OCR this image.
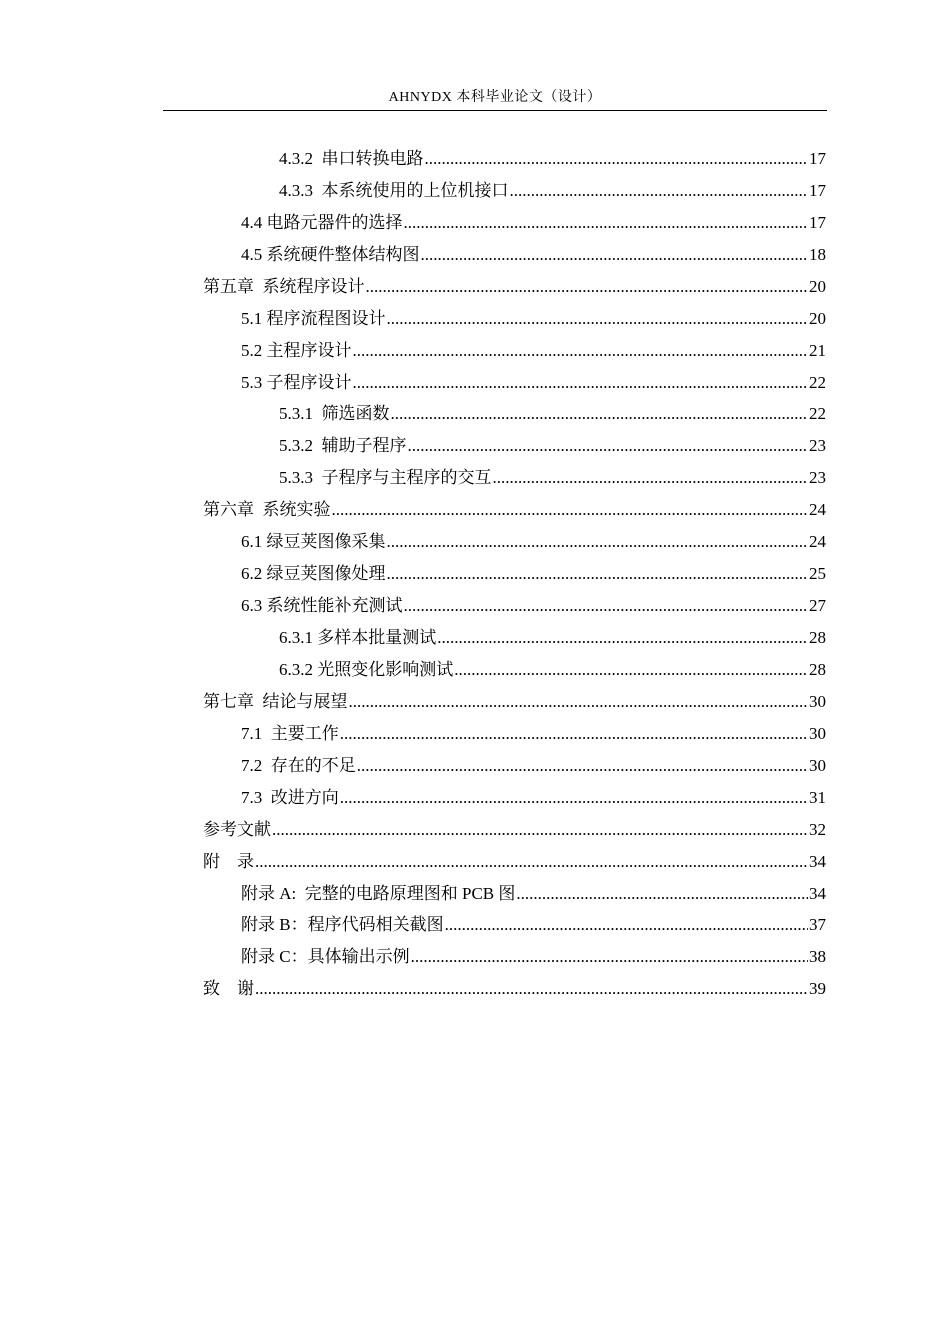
AHNYDX 本科毕业论文（设计）
4.3.2  串口转换电路 .....	17
4.3.3  本系统使用的上位机接口 .....	17
4.4 电路元器件的选择 .....	17
4.5 系统硬件整体结构图 .....	18
第五章  系统程序设计 .....	20
5.1 程序流程图设计 .....	20
5.2 主程序设计 .....	21
5.3 子程序设计 .....	22
5.3.1  筛选函数 .....	22
5.3.2  辅助子程序 .....	23
5.3.3  子程序与主程序的交互 .....	23
第六章  系统实验 .....	24
6.1 绿豆荚图像采集 .....	24
6.2 绿豆荚图像处理 .....	25
6.3 系统性能补充测试 .....	27
6.3.1 多样本批量测试 .....	28
6.3.2 光照变化影响测试 .....	28
第七章  结论与展望 .....	30
7.1  主要工作 .....	30
7.2  存在的不足 .....	30
7.3  改进方向 .....	31
参考文献 .....	32
附    录 .....	34
附录 A:  完整的电路原理图和 PCB 图 .....	34
附录 B：程序代码相关截图 .....	37
附录 C：具体输出示例 .....	38
致    谢 .....	39
